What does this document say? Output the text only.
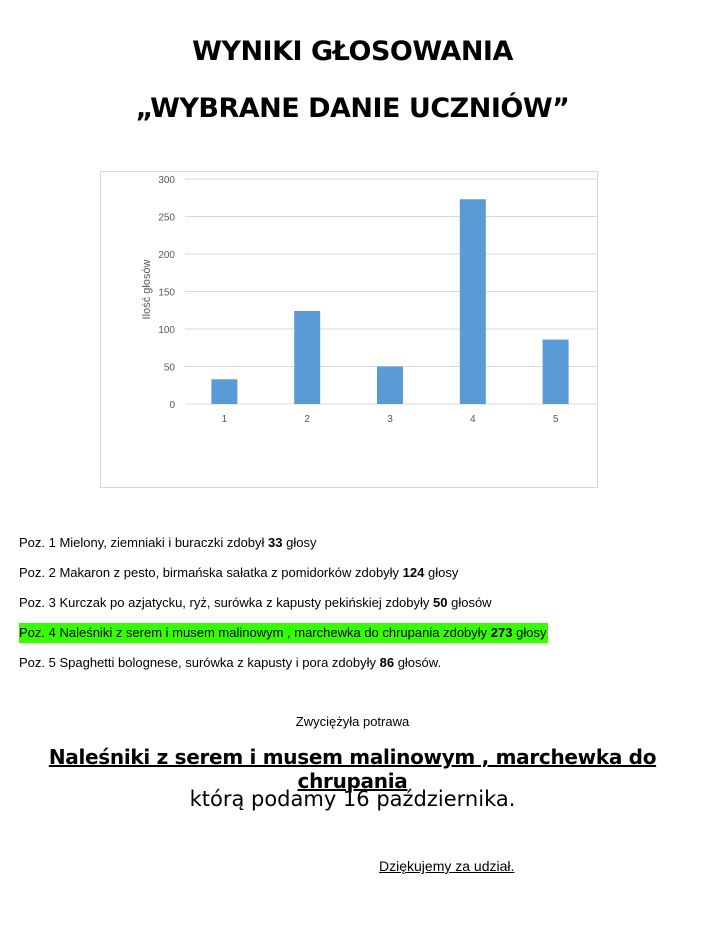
WYNIKI GŁOSOWANIA
„WYBRANE DANIE UCZNIÓW”
0
50
100
150
200
250
300
1	2	3	4	5
Ilość głosów
Poz. 1 Mielony, ziemniaki i buraczki zdobył 33 głosy
Poz. 2 Makaron z pesto, birmańska sałatka z pomidorków zdobyły 124 głosy
Poz. 3 Kurczak po azjatycku, ryż, surówka z kapusty pekińskiej zdobyły 50 głosów
Poz. 4 Naleśniki z serem i musem malinowym , marchewka do chrupania zdobyły 273 głosy
Poz. 5 Spaghetti bolognese, surówka z kapusty i pora zdobyły 86 głosów.
Zwyciężyła potrawa
Naleśniki z serem i musem malinowym , marchewka do chrupania
którą podamy 16 października.
Dziękujemy za udział.
